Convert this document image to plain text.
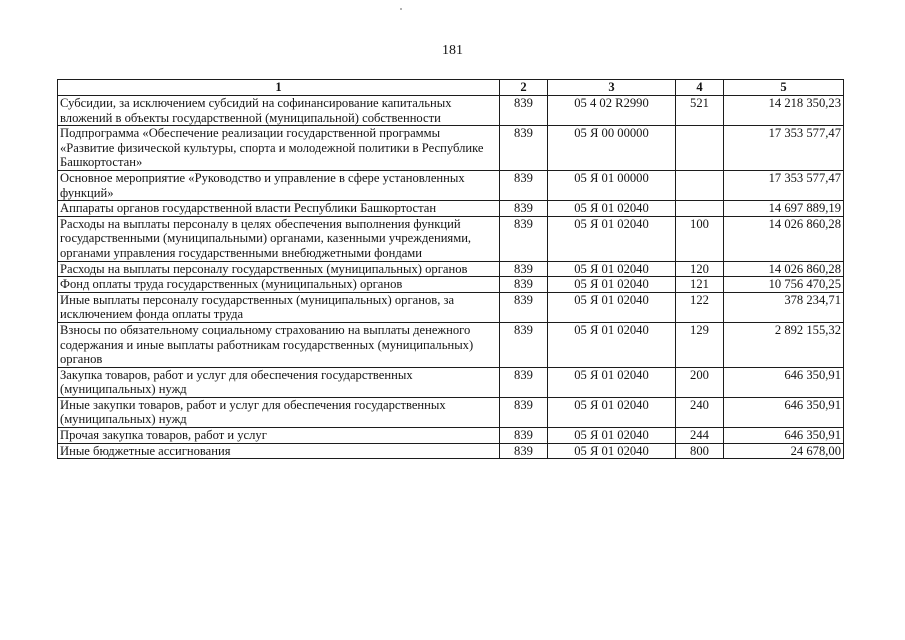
181
1	2	3	4	5
Субсидии, за исключением субсидий на софинансирование капитальных вложений в объекты государственной (муниципальной) собственности	839	05 4 02 R2990	521	14 218 350,23
Подпрограмма «Обеспечение реализации государственной программы «Развитие физической культуры, спорта и молодежной политики в Республике Башкортостан»	839	05 Я 00 00000		17 353 577,47
Основное мероприятие «Руководство и управление в сфере установленных функций»	839	05 Я 01 00000		17 353 577,47
Аппараты органов государственной власти Республики Башкортостан	839	05 Я 01 02040		14 697 889,19
Расходы на выплаты персоналу в целях обеспечения выполнения функций государственными (муниципальными) органами, казенными учреждениями, органами управления государственными внебюджетными фондами	839	05 Я 01 02040	100	14 026 860,28
Расходы на выплаты персоналу государственных (муниципальных) органов	839	05 Я 01 02040	120	14 026 860,28
Фонд оплаты труда государственных (муниципальных) органов	839	05 Я 01 02040	121	10 756 470,25
Иные выплаты персоналу государственных (муниципальных) органов, за исключением фонда оплаты труда	839	05 Я 01 02040	122	378 234,71
Взносы по обязательному социальному страхованию на выплаты денежного содержания и иные выплаты работникам государственных (муниципальных) органов	839	05 Я 01 02040	129	2 892 155,32
Закупка товаров, работ и услуг для обеспечения государственных (муниципальных) нужд	839	05 Я 01 02040	200	646 350,91
Иные закупки товаров, работ и услуг для обеспечения государственных (муниципальных) нужд	839	05 Я 01 02040	240	646 350,91
Прочая закупка товаров, работ и услуг	839	05 Я 01 02040	244	646 350,91
Иные бюджетные ассигнования	839	05 Я 01 02040	800	24 678,00
